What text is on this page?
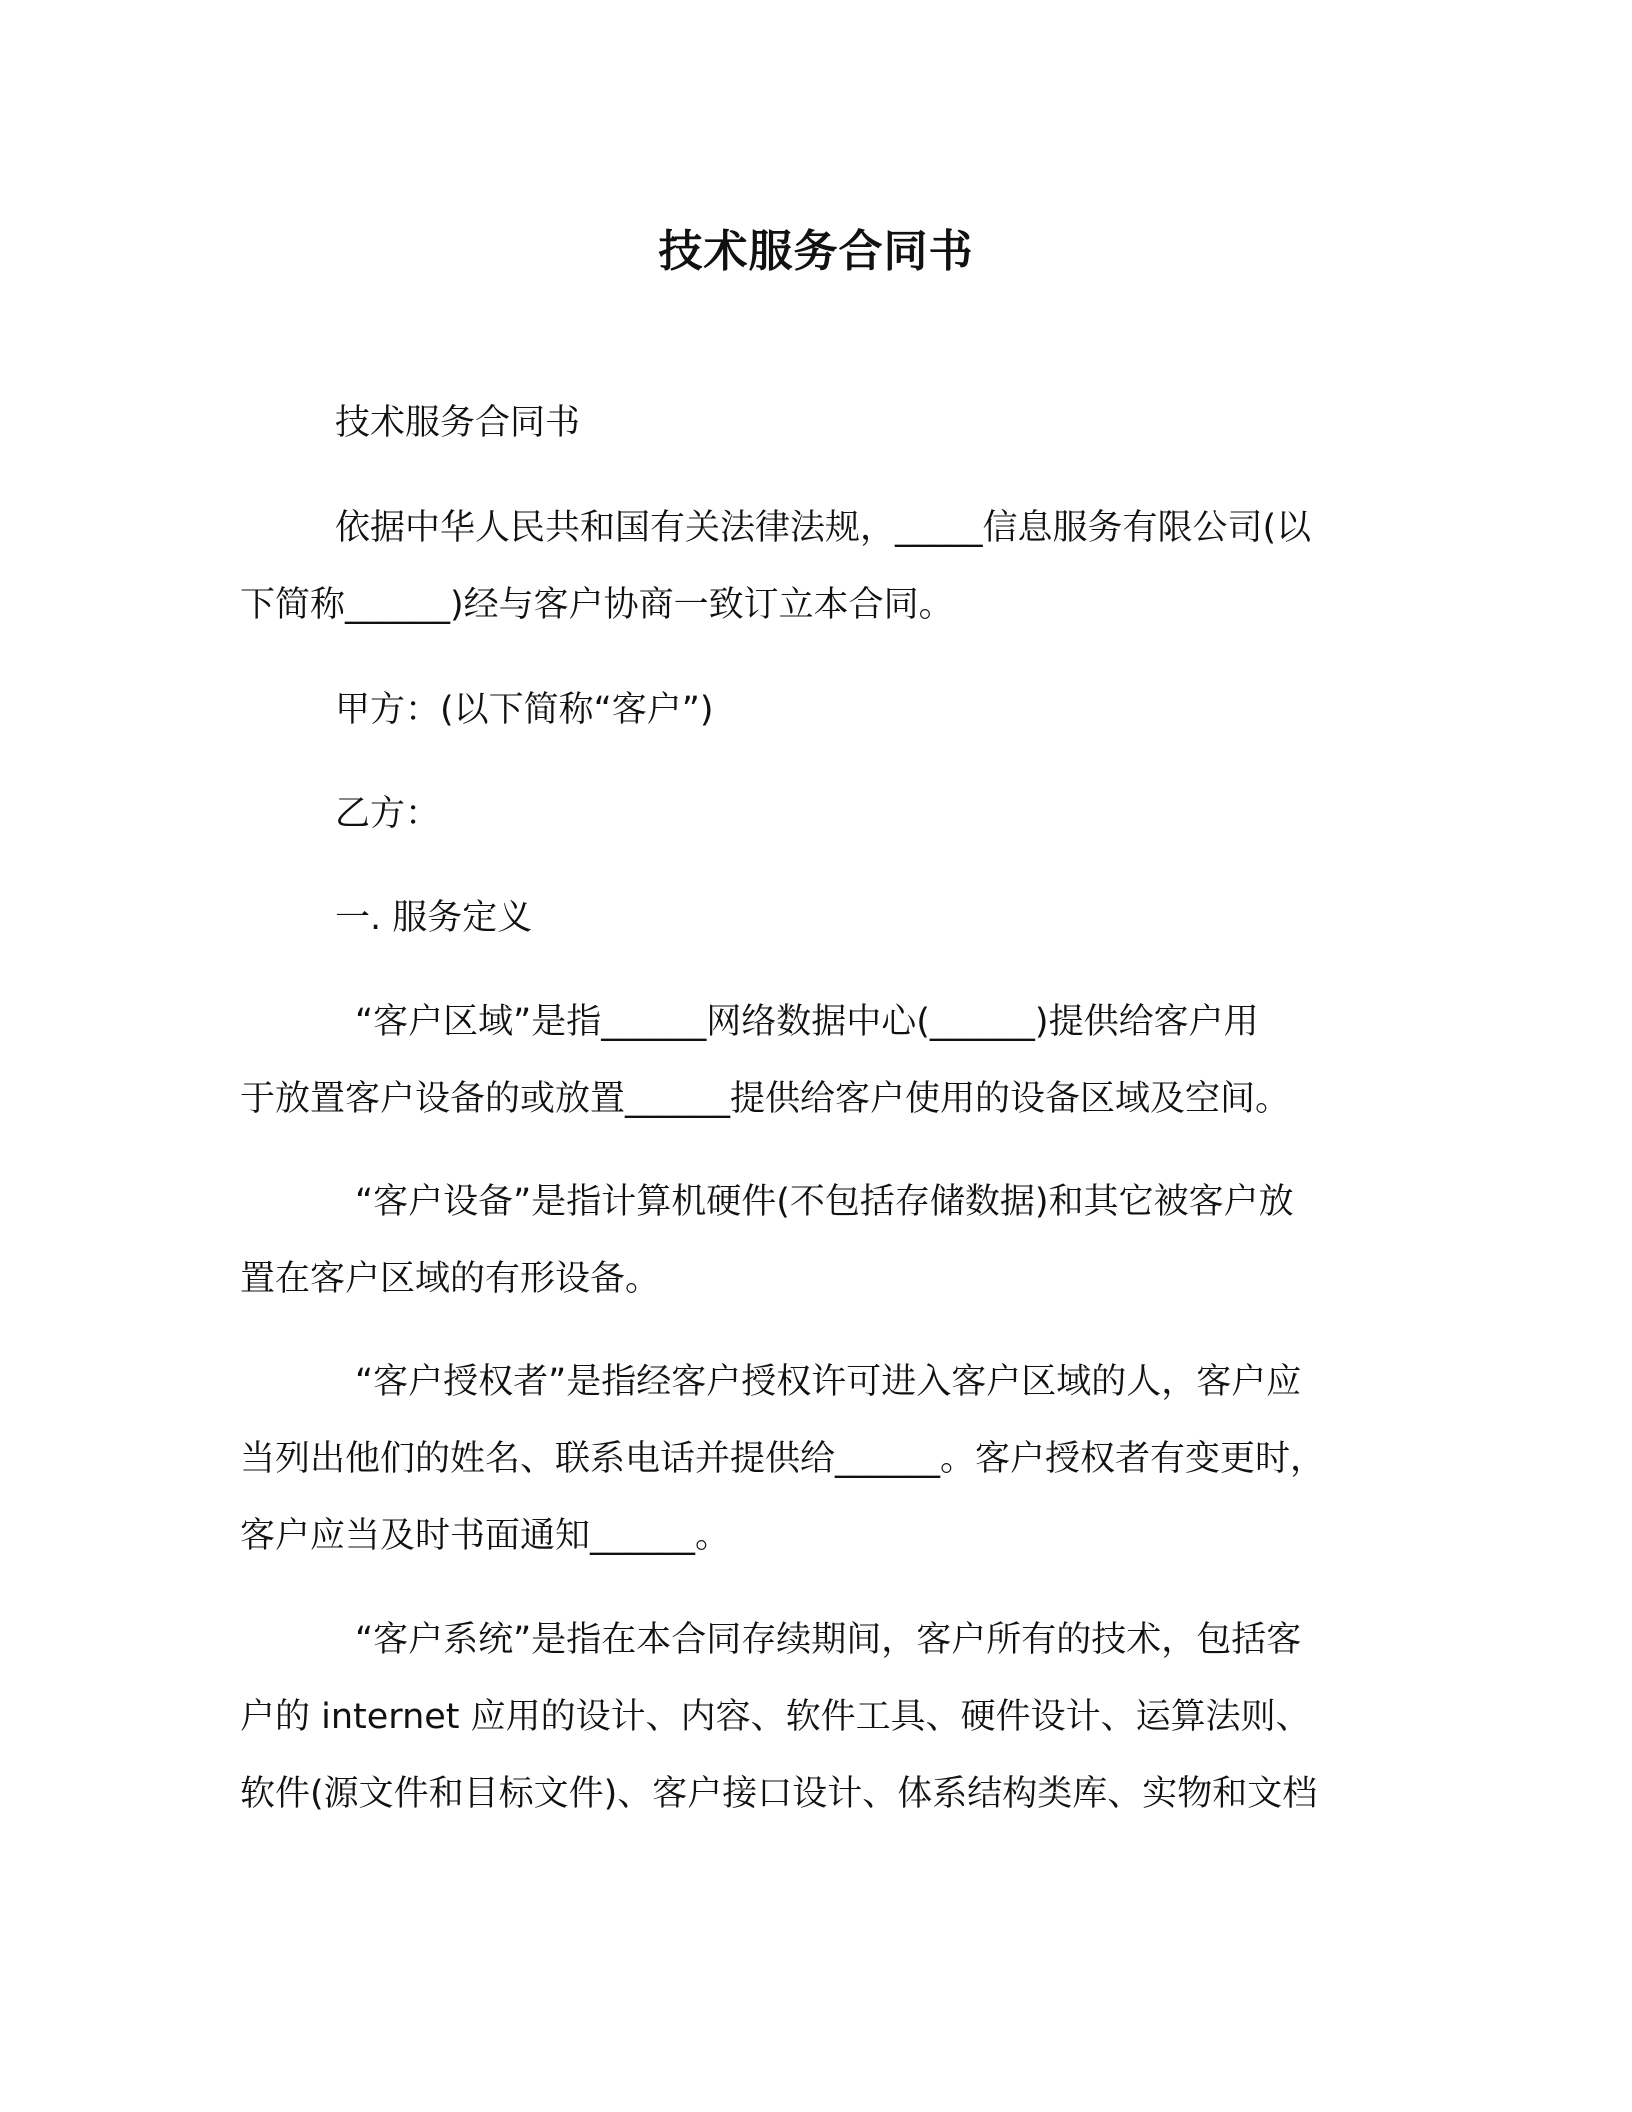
技术服务合同书
技术服务合同书
依据中华人民共和国有关法律法规，_____信息服务有限公司(以
下简称______)经与客户协商一致订立本合同。
甲方：(以下简称“客户”)
乙方：
一. 服务定义
“客户区域”是指______网络数据中心(______)提供给客户用
于放置客户设备的或放置______提供给客户使用的设备区域及空间。
“客户设备”是指计算机硬件(不包括存储数据)和其它被客户放
置在客户区域的有形设备。
“客户授权者”是指经客户授权许可进入客户区域的人，客户应
当列出他们的姓名、联系电话并提供给______。客户授权者有变更时，
客户应当及时书面通知______。
“客户系统”是指在本合同存续期间，客户所有的技术，包括客
户的 internet 应用的设计、内容、软件工具、硬件设计、运算法则、
软件(源文件和目标文件)、客户接口设计、体系结构类库、实物和文档
